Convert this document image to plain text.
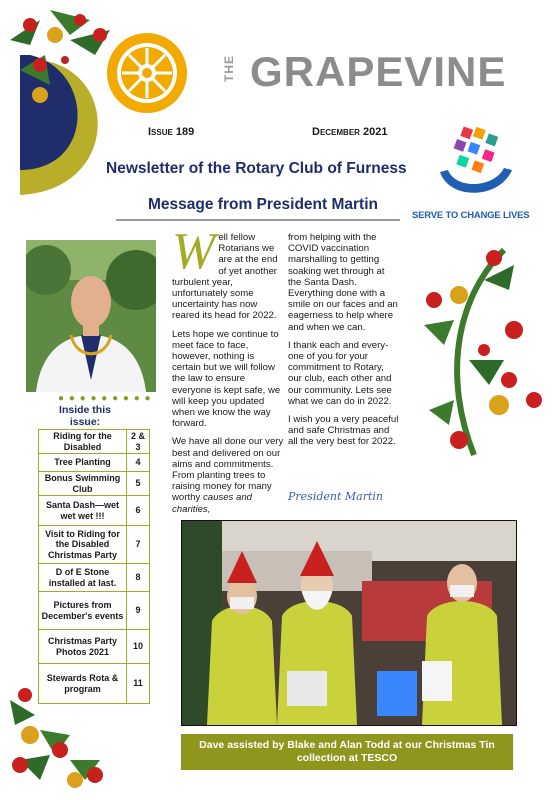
THE GRAPEVINE
Issue 189	December 2021
SERVE TO CHANGE LIVES
Newsletter of the Rotary Club of Furness
Message from President Martin
● ● ● ● ● ● ● ● ●
Inside this issue:
Riding for the Disabled	2 & 3
Tree Planting	4
Bonus Swimming Club	5
Santa Dash—wet wet wet !!!	6
Visit to Riding for the Disabled Christmas Party	7
D of E Stone installed at last.	8
Pictures from December's events	9
Christmas Party Photos 2021	10
Stewards Rota & program	11

Well fellow Rotarians we are at the end of yet another turbulent year, unfortunately some uncertainty has now reared its head for 2022.

Lets hope we continue to meet face to face, however, nothing is certain but we will follow the law to ensure everyone is kept safe, we will keep you updated when we know the way forward.

We have all done our very best and delivered on our aims and commitments. From planting trees to raising money for many worthy causes and charities,

from helping with the COVID vaccination marshalling to getting soaking wet through at the Santa Dash. Everything done with a smile on our faces and an eagerness to help where and when we can.

I thank each and every-one of you for your commitment to Rotary, our club, each other and our community. Lets see what we can do in 2022.

I wish you a very peaceful and safe Christmas and all the very best for 2022.

President Martin
Dave assisted by Blake and Alan Todd at our Christmas Tin collection at TESCO
